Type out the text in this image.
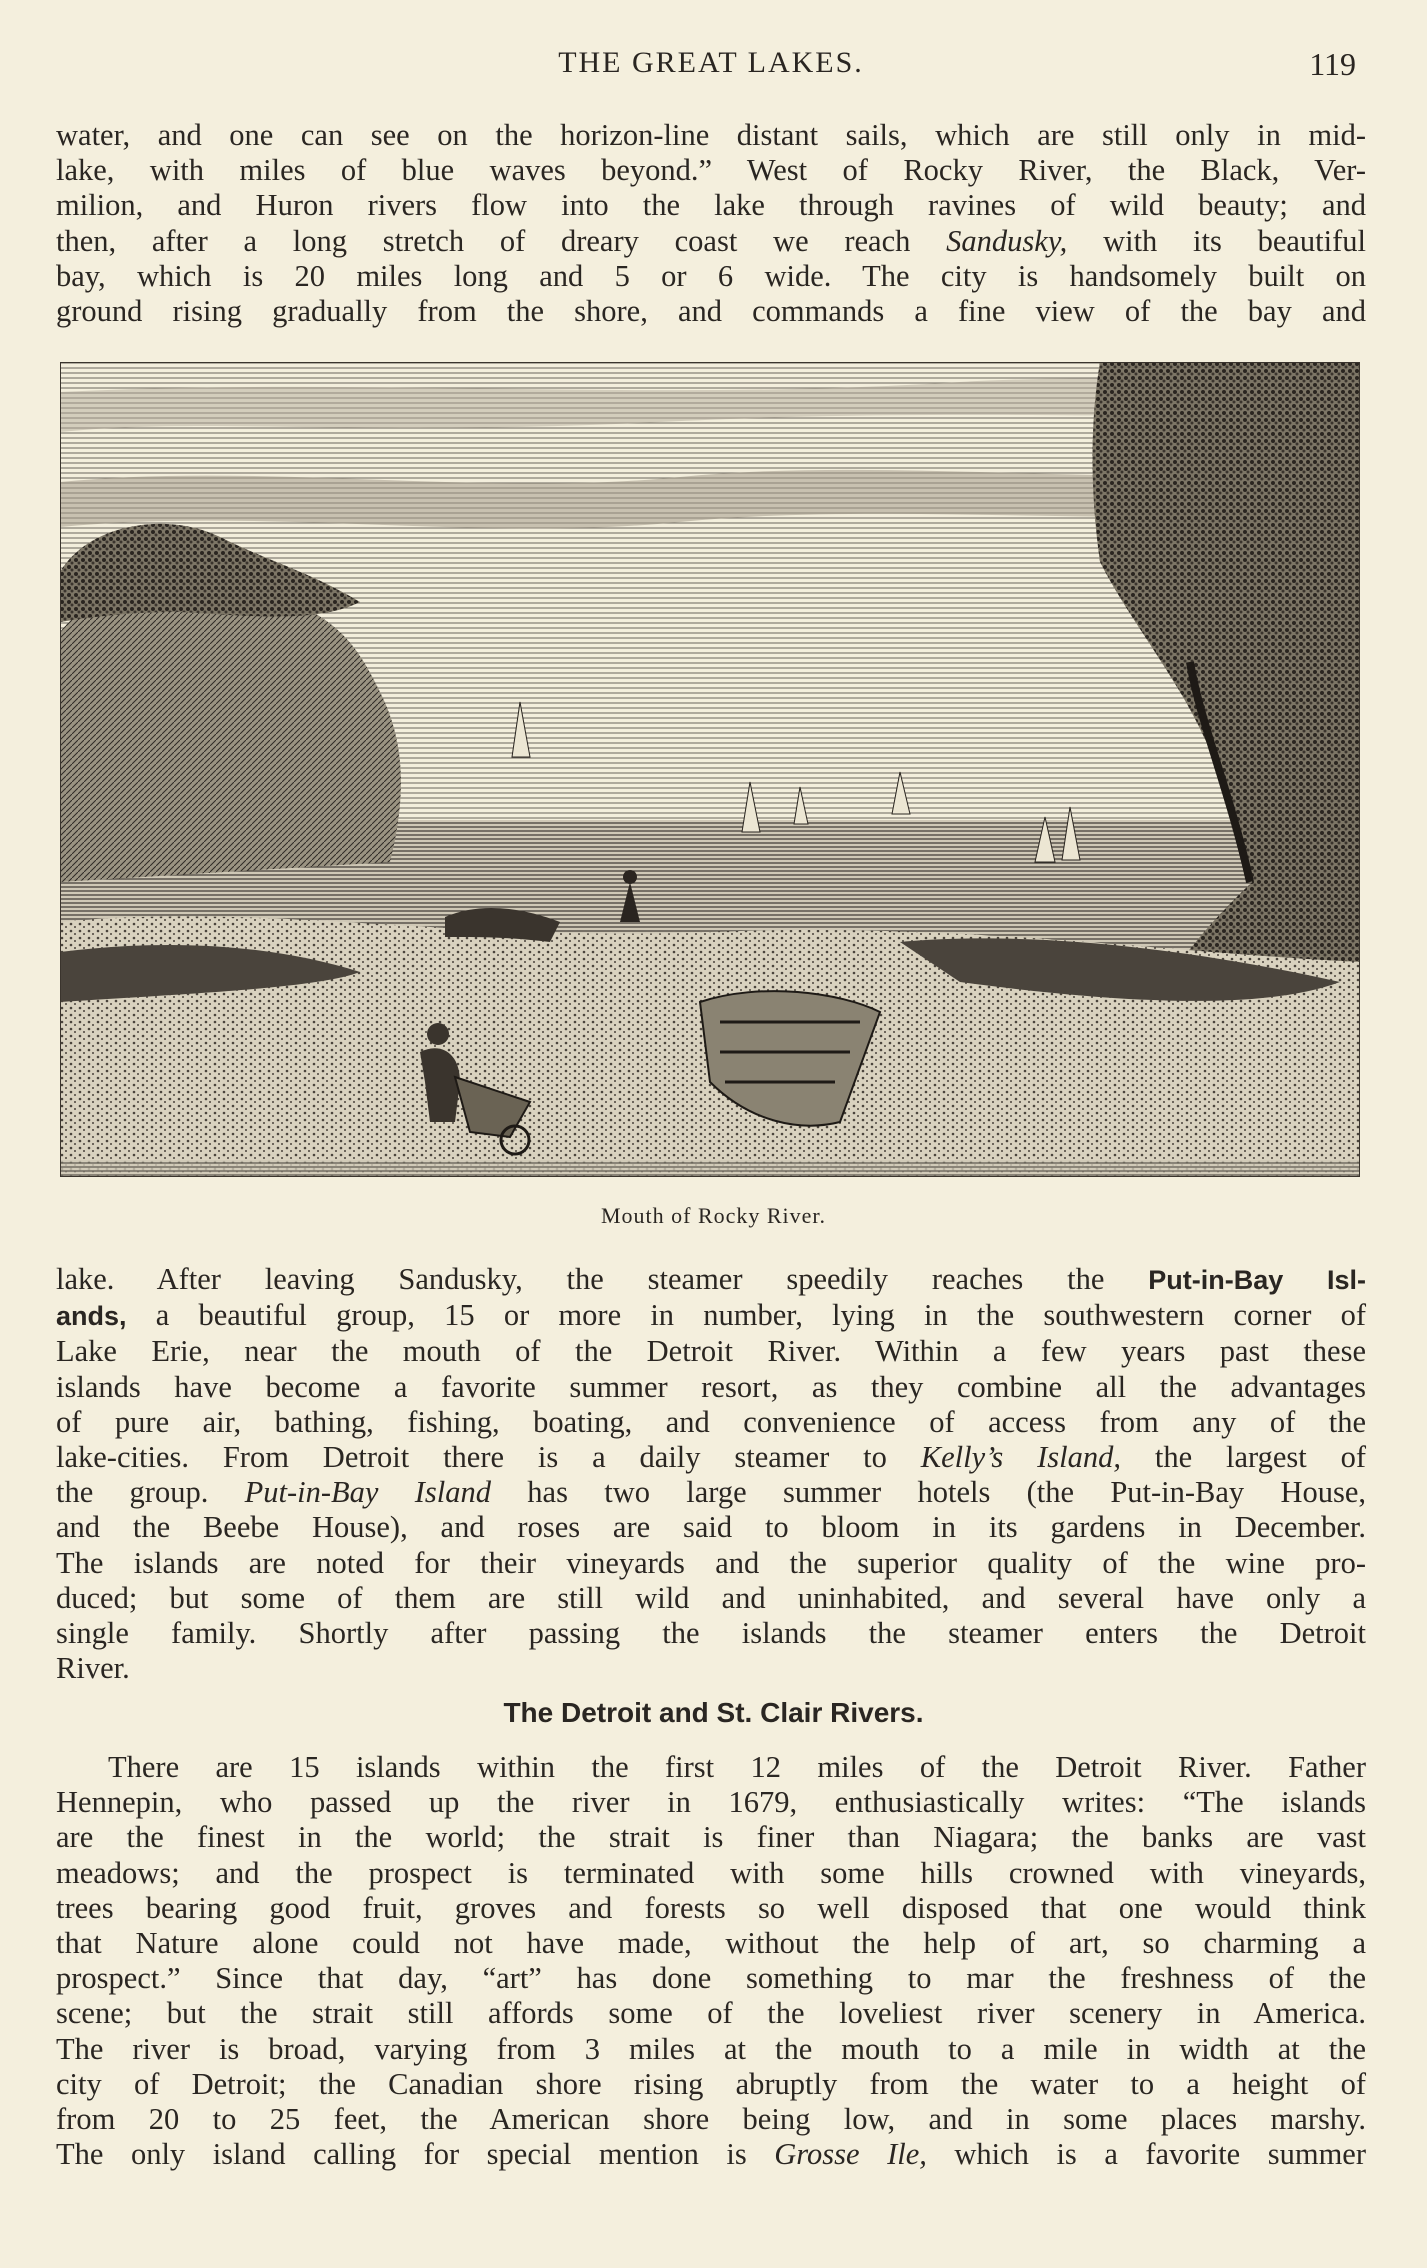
THE GREAT LAKES.	119
water, and one can see on the horizon-line distant sails, which are still only in mid-
lake, with miles of blue waves beyond.” West of Rocky River, the Black, Ver-
milion, and Huron rivers flow into the lake through ravines of wild beauty; and
then, after a long stretch of dreary coast we reach Sandusky, with its beautiful
bay, which is 20 miles long and 5 or 6 wide. The city is handsomely built on
ground rising gradually from the shore, and commands a fine view of the bay and
Mouth of Rocky River.
lake. After leaving Sandusky, the steamer speedily reaches the Put-in-Bay Isl-
ands, a beautiful group, 15 or more in number, lying in the southwestern corner of
Lake Erie, near the mouth of the Detroit River. Within a few years past these
islands have become a favorite summer resort, as they combine all the advantages
of pure air, bathing, fishing, boating, and convenience of access from any of the
lake-cities. From Detroit there is a daily steamer to Kelly’s Island, the largest of
the group. Put-in-Bay Island has two large summer hotels (the Put-in-Bay House,
and the Beebe House), and roses are said to bloom in its gardens in December.
The islands are noted for their vineyards and the superior quality of the wine pro-
duced; but some of them are still wild and uninhabited, and several have only a
single family. Shortly after passing the islands the steamer enters the Detroit
River.
The Detroit and St. Clair Rivers.
There are 15 islands within the first 12 miles of the Detroit River. Father
Hennepin, who passed up the river in 1679, enthusiastically writes: “The islands
are the finest in the world; the strait is finer than Niagara; the banks are vast
meadows; and the prospect is terminated with some hills crowned with vineyards,
trees bearing good fruit, groves and forests so well disposed that one would think
that Nature alone could not have made, without the help of art, so charming a
prospect.” Since that day, “art” has done something to mar the freshness of the
scene; but the strait still affords some of the loveliest river scenery in America.
The river is broad, varying from 3 miles at the mouth to a mile in width at the
city of Detroit; the Canadian shore rising abruptly from the water to a height of
from 20 to 25 feet, the American shore being low, and in some places marshy.
The only island calling for special mention is Grosse Ile, which is a favorite summer
